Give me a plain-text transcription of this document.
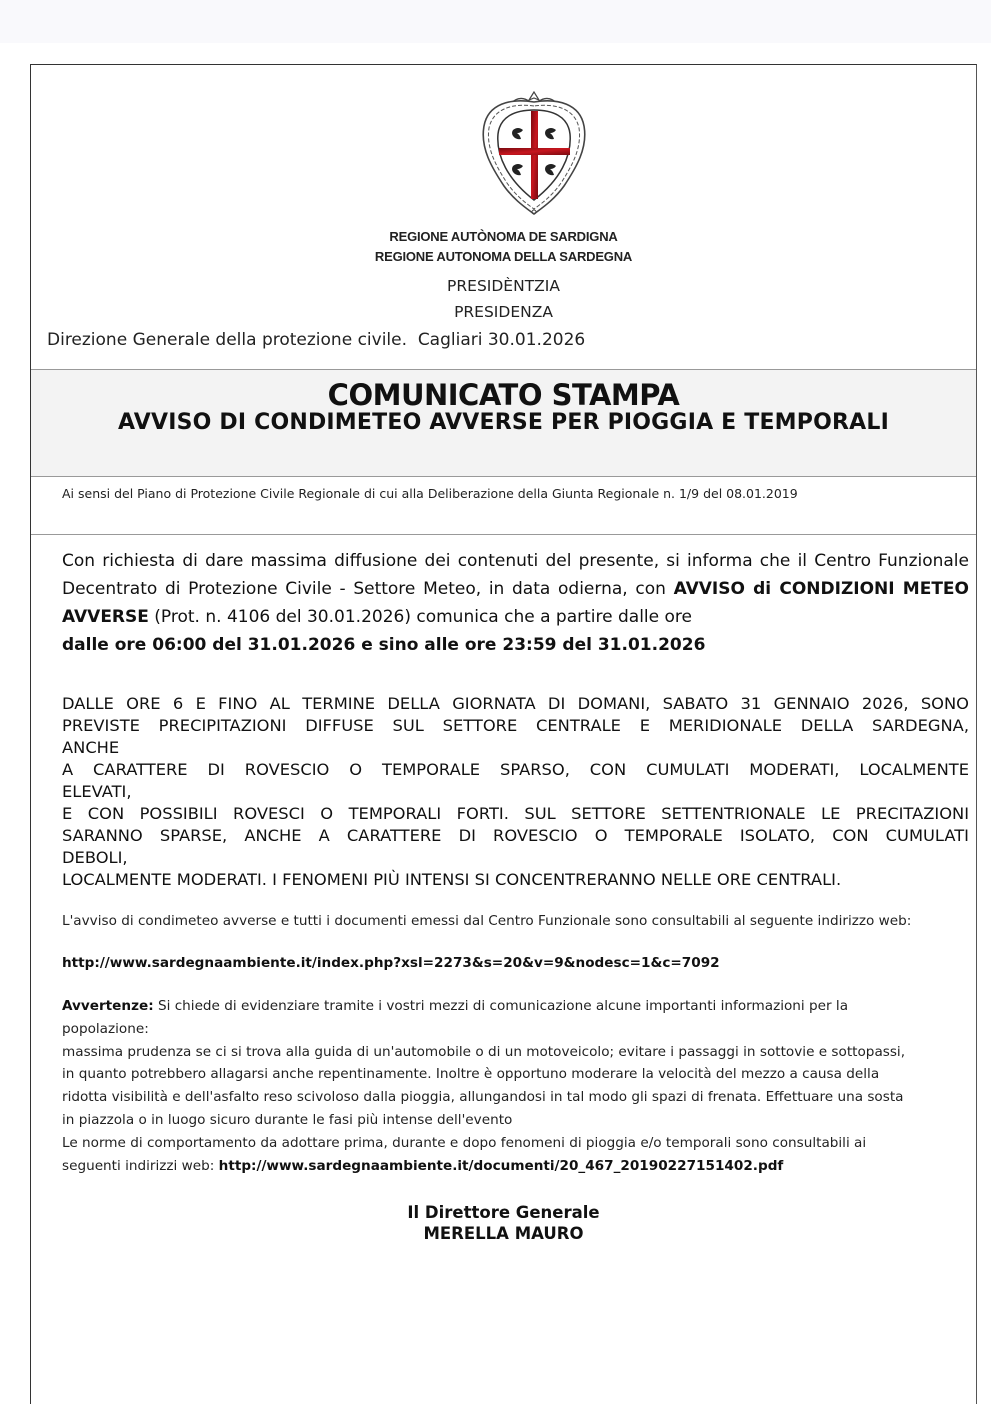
REGIONE AUTÒNOMA DE SARDIGNA
REGIONE AUTONOMA DELLA SARDEGNA
PRESIDÈNTZIA
PRESIDENZA
Direzione Generale della protezione civile.  Cagliari 30.01.2026
COMUNICATO STAMPA
AVVISO DI CONDIMETEO AVVERSE PER PIOGGIA E TEMPORALI
Ai sensi del Piano di Protezione Civile Regionale di cui alla Deliberazione della Giunta Regionale n. 1/9 del 08.01.2019
Con richiesta di dare massima diffusione dei contenuti del presente, si informa che il Centro Funzionale Decentrato di Protezione Civile - Settore Meteo, in data odierna, con AVVISO di CONDIZIONI METEO AVVERSE (Prot. n. 4106 del 30.01.2026) comunica che a partire dalle ore
dalle ore 06:00 del 31.01.2026 e sino alle ore 23:59 del 31.01.2026
DALLE ORE 6 E FINO AL TERMINE DELLA GIORNATA DI DOMANI, SABATO 31 GENNAIO 2026, SONO
PREVISTE PRECIPITAZIONI DIFFUSE SUL SETTORE CENTRALE E MERIDIONALE DELLA SARDEGNA,
ANCHE
A CARATTERE DI ROVESCIO O TEMPORALE SPARSO, CON CUMULATI MODERATI, LOCALMENTE
ELEVATI,
E CON POSSIBILI ROVESCI O TEMPORALI FORTI. SUL SETTORE SETTENTRIONALE LE PRECITAZIONI
SARANNO SPARSE, ANCHE A CARATTERE DI ROVESCIO O TEMPORALE ISOLATO, CON CUMULATI
DEBOLI,
LOCALMENTE MODERATI. I FENOMENI PIÙ INTENSI SI CONCENTRERANNO NELLE ORE CENTRALI.
L'avviso di condimeteo avverse e tutti i documenti emessi dal Centro Funzionale sono consultabili al seguente indirizzo web:
http://www.sardegnaambiente.it/index.php?xsl=2273&s=20&v=9&nodesc=1&c=7092
Avvertenze: Si chiede di evidenziare tramite i vostri mezzi di comunicazione alcune importanti informazioni per la
popolazione:
massima prudenza se ci si trova alla guida di un'automobile o di un motoveicolo; evitare i passaggi in sottovie e sottopassi,
in quanto potrebbero allagarsi anche repentinamente. Inoltre è opportuno moderare la velocità del mezzo a causa della
ridotta visibilità e dell'asfalto reso scivoloso dalla pioggia, allungandosi in tal modo gli spazi di frenata. Effettuare una sosta
in piazzola o in luogo sicuro durante le fasi più intense dell'evento
Le norme di comportamento da adottare prima, durante e dopo fenomeni di pioggia e/o temporali sono consultabili ai
seguenti indirizzi web: http://www.sardegnaambiente.it/documenti/20_467_20190227151402.pdf
Il Direttore Generale
MERELLA MAURO
